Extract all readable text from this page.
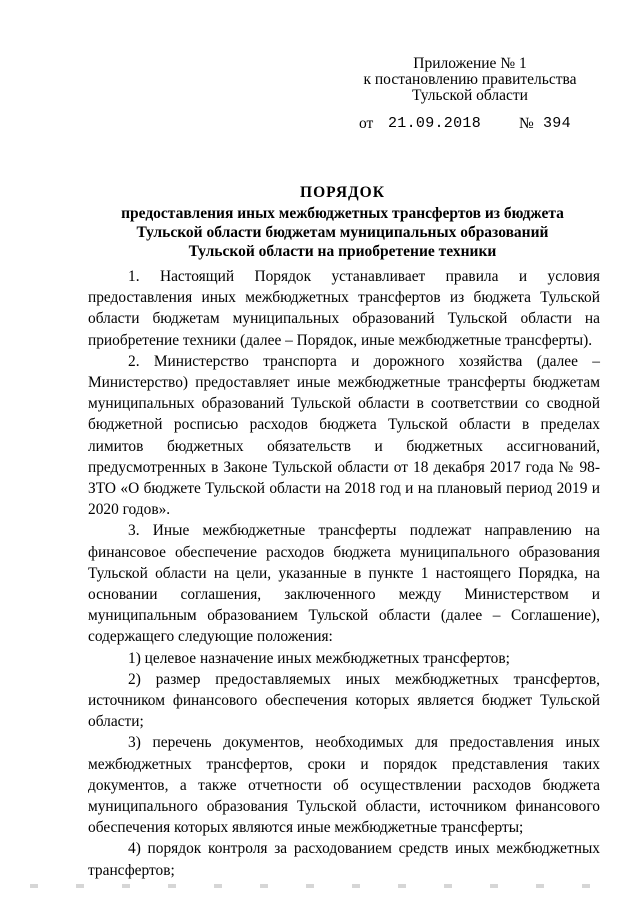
Приложение № 1
к постановлению правительства
Тульской области
от 21.09.2018 № 394
ПОРЯДОК
предоставления иных межбюджетных трансфертов из бюджета
Тульской области бюджетам муниципальных образований
Тульской области на приобретение техники

1. Настоящий Порядок устанавливает правила и условия предоставления иных межбюджетных трансфертов из бюджета Тульской области бюджетам муниципальных образований Тульской области на приобретение техники (далее – Порядок, иные межбюджетные трансферты).

2. Министерство транспорта и дорожного хозяйства (далее – Министерство) предоставляет иные межбюджетные трансферты бюджетам муниципальных образований Тульской области в соответствии со сводной бюджетной росписью расходов бюджета Тульской области в пределах лимитов бюджетных обязательств и бюджетных ассигнований, предусмотренных в Законе Тульской области от 18 декабря 2017 года № 98-ЗТО «О бюджете Тульской области на 2018 год и на плановый период 2019 и 2020 годов».

3. Иные межбюджетные трансферты подлежат направлению на финансовое обеспечение расходов бюджета муниципального образования Тульской области на цели, указанные в пункте 1 настоящего Порядка, на основании соглашения, заключенного между Министерством и муниципальным образованием Тульской области (далее – Соглашение), содержащего следующие положения:

1) целевое назначение иных межбюджетных трансфертов;

2) размер предоставляемых иных межбюджетных трансфертов, источником финансового обеспечения которых является бюджет Тульской области;

3) перечень документов, необходимых для предоставления иных межбюджетных трансфертов, сроки и порядок представления таких документов, а также отчетности об осуществлении расходов бюджета муниципального образования Тульской области, источником финансового обеспечения которых являются иные межбюджетные трансферты;

4) порядок контроля за расходованием средств иных межбюджетных трансфертов;
